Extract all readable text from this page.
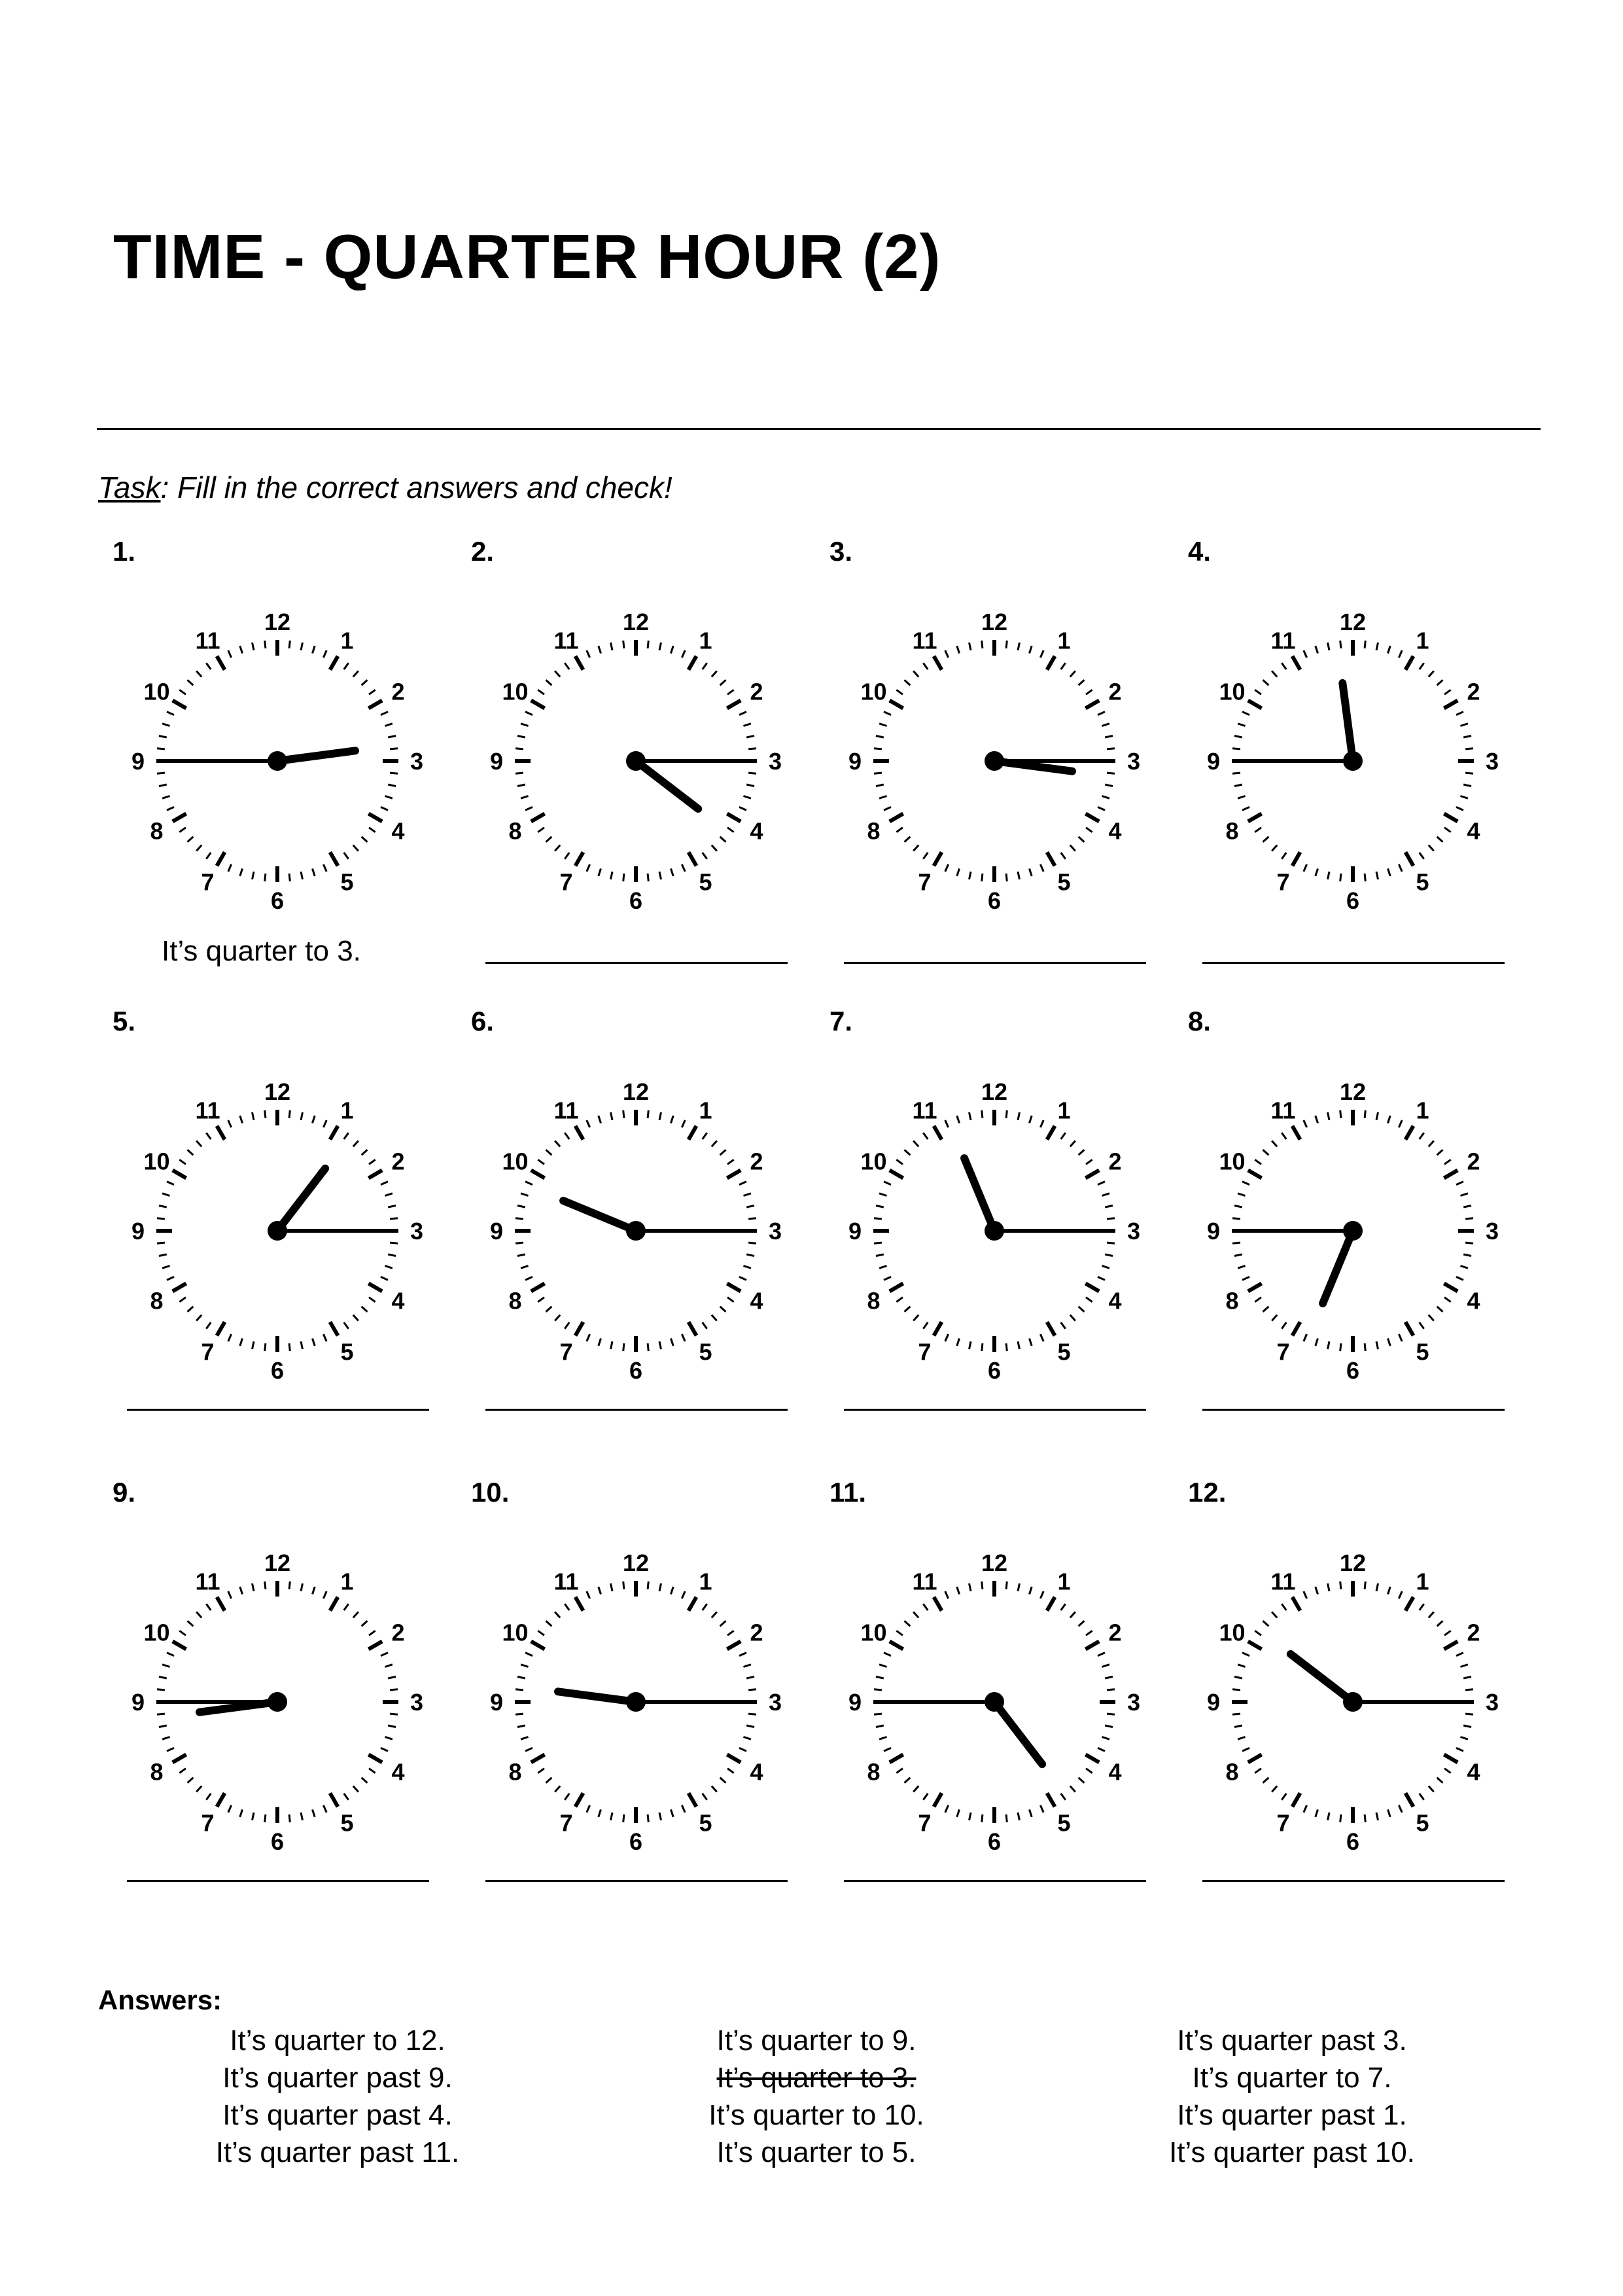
TIME - QUARTER HOUR (2)
Task: Fill in the correct answers and check!
1.
12
1
2
3
4
5
6
7
8
9
10
11
It’s quarter to 3.
2.
12
1
2
3
4
5
6
7
8
9
10
11
3.
12
1
2
3
4
5
6
7
8
9
10
11
4.
12
1
2
3
4
5
6
7
8
9
10
11
5.
12
1
2
3
4
5
6
7
8
9
10
11
6.
12
1
2
3
4
5
6
7
8
9
10
11
7.
12
1
2
3
4
5
6
7
8
9
10
11
8.
12
1
2
3
4
5
6
7
8
9
10
11
9.
12
1
2
3
4
5
6
7
8
9
10
11
10.
12
1
2
3
4
5
6
7
8
9
10
11
11.
12
1
2
3
4
5
6
7
8
9
10
11
12.
12
1
2
3
4
5
6
7
8
9
10
11
Answers:
It’s quarter to 12.
It’s quarter past 9.
It’s quarter past 4.
It’s quarter past 11.
It’s quarter to 9.
It’s quarter to 3.
It’s quarter to 10.
It’s quarter to 5.
It’s quarter past 3.
It’s quarter to 7.
It’s quarter past 1.
It’s quarter past 10.
